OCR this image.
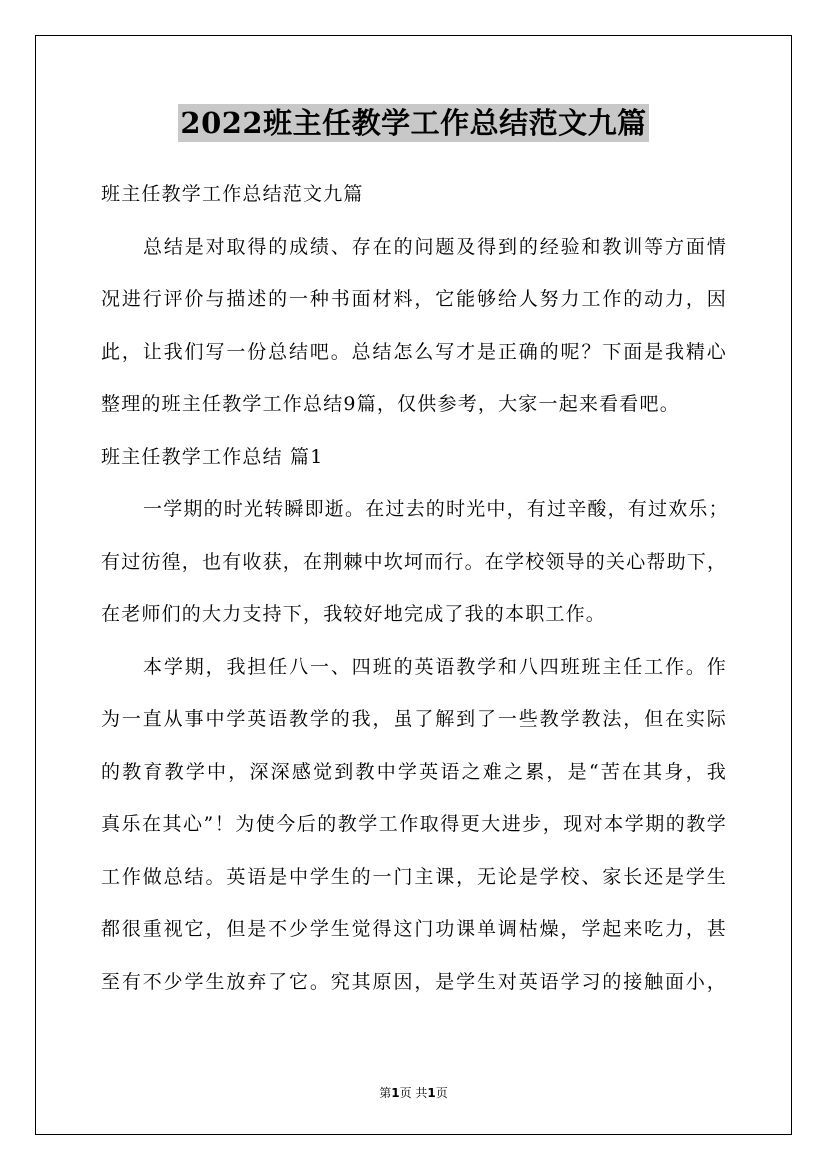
2022班主任教学工作总结范文九篇
班主任教学工作总结范文九篇
总结是对取得的成绩、存在的问题及得到的经验和教训等方面情
况进行评价与描述的一种书面材料，它能够给人努力工作的动力，因
此，让我们写一份总结吧。总结怎么写才是正确的呢？下面是我精心
整理的班主任教学工作总结9篇，仅供参考，大家一起来看看吧。
班主任教学工作总结 篇1
一学期的时光转瞬即逝。在过去的时光中，有过辛酸，有过欢乐；
有过彷徨，也有收获，在荆棘中坎坷而行。在学校领导的关心帮助下，
在老师们的大力支持下，我较好地完成了我的本职工作。
本学期，我担任八一、四班的英语教学和八四班班主任工作。作
为一直从事中学英语教学的我，虽了解到了一些教学教法，但在实际
的教育教学中，深深感觉到教中学英语之难之累，是“苦在其身，我
真乐在其心”！为使今后的教学工作取得更大进步，现对本学期的教学
工作做总结。英语是中学生的一门主课，无论是学校、家长还是学生
都很重视它，但是不少学生觉得这门功课单调枯燥，学起来吃力，甚
至有不少学生放弃了它。究其原因，是学生对英语学习的接触面小，
第1页 共1页
